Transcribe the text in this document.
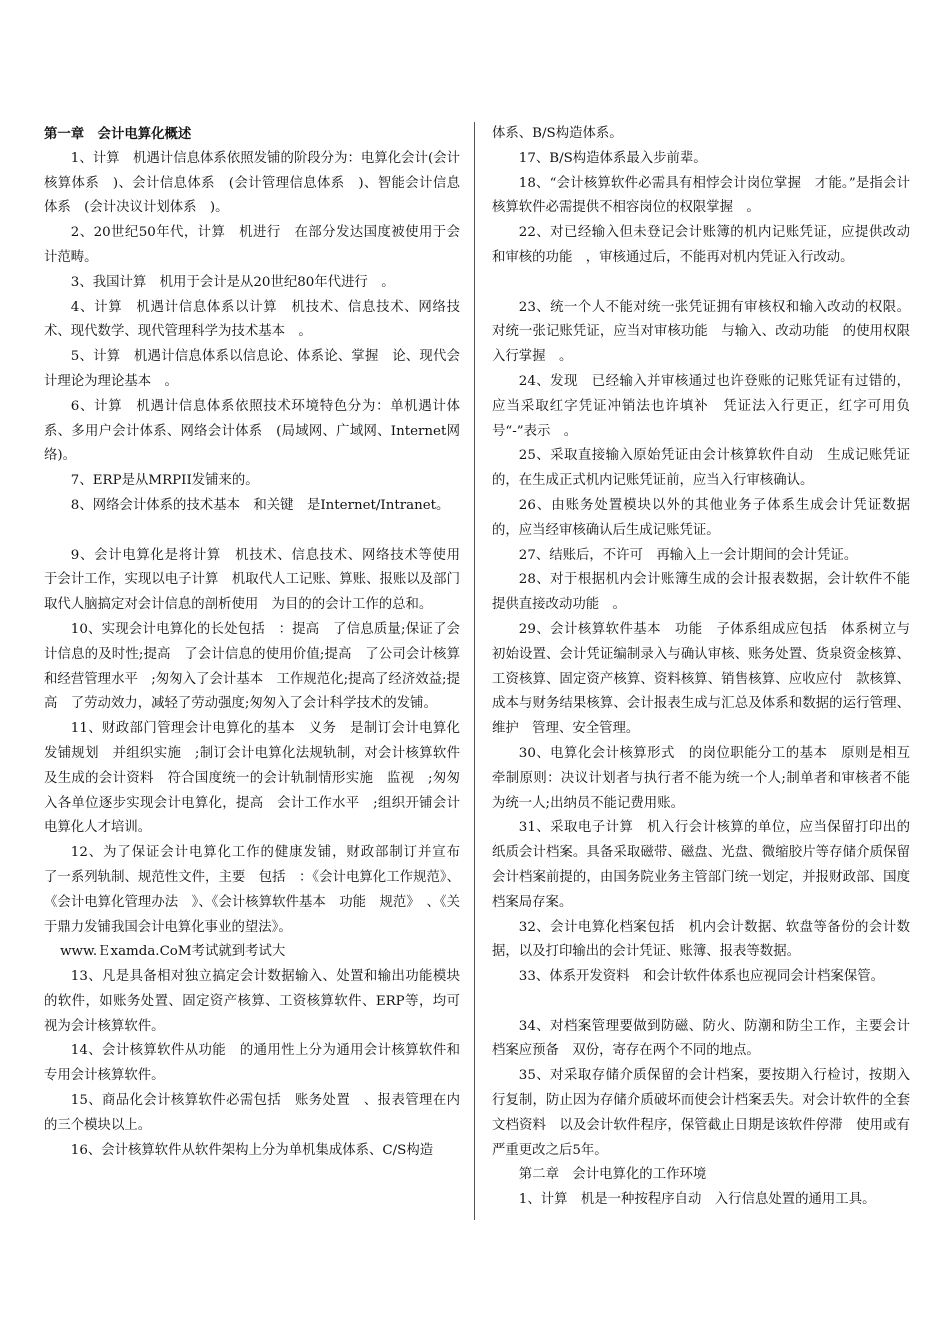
第一章　会计电算化概述

1、计算　机遇计信息体系依照发铺的阶段分为：电算化会计(会计核算体系　)、会计信息体系　(会计管理信息体系　)、智能会计信息体系　(会计决议计划体系　)。

2、20世纪50年代，计算　机进行　在部分发达国度被使用于会计范畴。

3、我国计算　机用于会计是从20世纪80年代进行　。

4、计算　机遇计信息体系以计算　机技术、信息技术、网络技术、现代数学、现代管理科学为技术基本　。

5、计算　机遇计信息体系以信息论、体系论、掌握　论、现代会计理论为理论基本　。

6、计算　机遇计信息体系依照技术环境特色分为：单机遇计体系、多用户会计体系、网络会计体系　(局域网、广域网、Internet网络)。

7、ERP是从MRPII发铺来的。

8、网络会计体系的技术基本　和关键　是Internet/Intranet。

9、会计电算化是将计算　机技术、信息技术、网络技术等使用　于会计工作，实现以电子计算　机取代人工记账、算账、报账以及部门取代人脑搞定对会计信息的剖析使用　为目的的会计工作的总和。

10、实现会计电算化的长处包括　：提高　了信息质量;保证了会计信息的及时性;提高　了会计信息的使用价值;提高　了公司会计核算和经营管理水平　;匆匆入了会计基本　工作规范化;提高了经济效益;提高　了劳动效力，减轻了劳动强度;匆匆入了会计科学技术的发铺。

11、财政部门管理会计电算化的基本　义务　是制订会计电算化发铺规划　并组织实施　;制订会计电算化法规轨制，对会计核算软件及生成的会计资料　符合国度统一的会计轨制情形实施　监视　;匆匆入各单位逐步实现会计电算化，提高　会计工作水平　;组织开铺会计电算化人才培训。

12、为了保证会计电算化工作的健康发铺，财政部制订并宣布　了一系列轨制、规范性文件，主要　包括　：《会计电算化工作规范》、《会计电算化管理办法　》、《会计核算软件基本　功能　规范》　、《关于鼎力发铺我国会计电算化事业的望法》。

www.Ｅxamda.CoM考试就到考试大

13、凡是具备相对独立搞定会计数据输入、处置和输出功能模块的软件，如账务处置、固定资产核算、工资核算软件、ERP等，均可视为会计核算软件。

14、会计核算软件从功能　的通用性上分为通用会计核算软件和专用会计核算软件。

15、商品化会计核算软件必需包括　账务处置　、报表管理在内的三个模块以上。

16、会计核算软件从软件架构上分为单机集成体系、C/S构造

体系、B/S构造体系。

17、B/S构造体系最入步前辈。

18、“会计核算软件必需具有相悖会计岗位掌握　才能。”是指会计核算软件必需提供不相容岗位的权限掌握　。

22、对已经输入但未登记会计账簿的机内记账凭证，应提供改动和审核的功能　，审核通过后，不能再对机内凭证入行改动。

23、统一个人不能对统一张凭证拥有审核权和输入改动的权限。对统一张记账凭证，应当对审核功能　与输入、改动功能　的使用权限入行掌握　。

24、发现　已经输入并审核通过也许登账的记账凭证有过错的，应当采取红字凭证冲销法也许填补　凭证法入行更正，红字可用负号“-”表示　。

25、采取直接输入原始凭证由会计核算软件自动　生成记账凭证的，在生成正式机内记账凭证前，应当入行审核确认。

26、由账务处置模块以外的其他业务子体系生成会计凭证数据的，应当经审核确认后生成记账凭证。

27、结账后，不许可　再输入上一会计期间的会计凭证。

28、对于根据机内会计账簿生成的会计报表数据，会计软件不能提供直接改动功能　。

29、会计核算软件基本　功能　子体系组成应包括　体系树立与初始设置、会计凭证编制录入与确认审核、账务处置、货泉资金核算、工资核算、固定资产核算、资料核算、销售核算、应收应付　款核算、成本与财务结果核算、会计报表生成与汇总及体系和数据的运行管理、维护　管理、安全管理。

30、电算化会计核算形式　的岗位职能分工的基本　原则是相互牵制原则：决议计划者与执行者不能为统一个人;制单者和审核者不能为统一人;出纳员不能记费用账。

31、采取电子计算　机入行会计核算的单位，应当保留打印出的纸质会计档案。具备采取磁带、磁盘、光盘、微缩胶片等存储介质保留会计档案前提的，由国务院业务主管部门统一划定，并报财政部、国度档案局存案。

32、会计电算化档案包括　机内会计数据、软盘等备份的会计数据，以及打印输出的会计凭证、账簿、报表等数据。

33、体系开发资料　和会计软件体系也应视同会计档案保管。

34、对档案管理要做到防磁、防火、防潮和防尘工作，主要会计档案应预备　双份，寄存在两个不同的地点。

35、对采取存储介质保留的会计档案，要按期入行检讨，按期入行复制，防止因为存储介质破坏而使会计档案丢失。对会计软件的全套文档资料　以及会计软件程序，保管截止日期是该软件停滞　使用或有严重更改之后5年。

第二章　会计电算化的工作环境

1、计算　机是一种按程序自动　入行信息处置的通用工具。
